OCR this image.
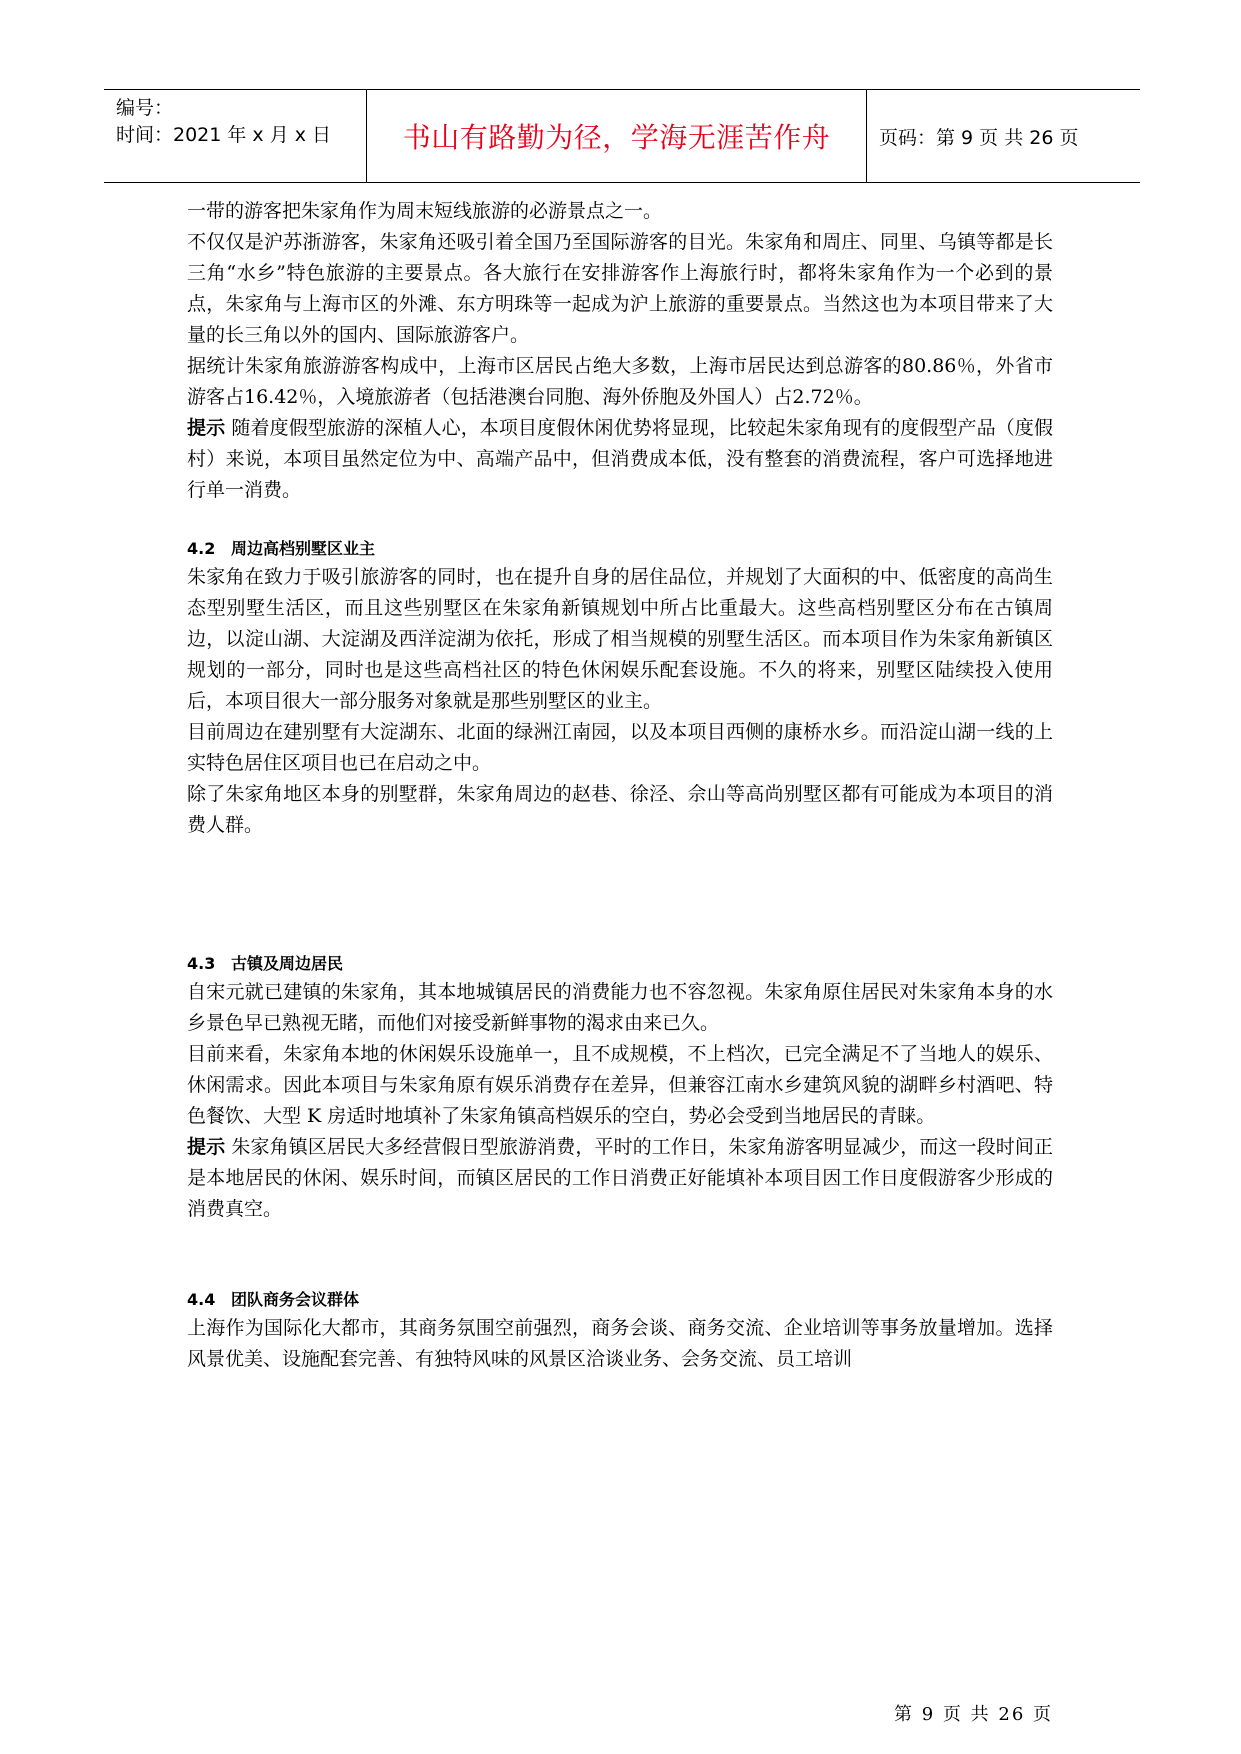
编号：
时间：2021 年 x 月 x 日	书山有路勤为径，学海无涯苦作舟	页码：第 9 页 共 26 页

一带的游客把朱家角作为周末短线旅游的必游景点之一。

不仅仅是沪苏浙游客，朱家角还吸引着全国乃至国际游客的目光。朱家角和周庄、同里、乌镇等都是长三角“水乡”特色旅游的主要景点。各大旅行在安排游客作上海旅行时，都将朱家角作为一个必到的景点，朱家角与上海市区的外滩、东方明珠等一起成为沪上旅游的重要景点。当然这也为本项目带来了大量的长三角以外的国内、国际旅游客户。

据统计朱家角旅游游客构成中，上海市区居民占绝大多数，上海市居民达到总游客的80.86％，外省市游客占16.42％，入境旅游者（包括港澳台同胞、海外侨胞及外国人）占2.72％。

提示 随着度假型旅游的深植人心，本项目度假休闲优势将显现，比较起朱家角现有的度假型产品（度假村）来说，本项目虽然定位为中、高端产品中，但消费成本低，没有整套的消费流程，客户可选择地进行单一消费。

4.2 周边高档别墅区业主

朱家角在致力于吸引旅游客的同时，也在提升自身的居住品位，并规划了大面积的中、低密度的高尚生态型别墅生活区，而且这些别墅区在朱家角新镇规划中所占比重最大。这些高档别墅区分布在古镇周边，以淀山湖、大淀湖及西洋淀湖为依托，形成了相当规模的别墅生活区。而本项目作为朱家角新镇区规划的一部分，同时也是这些高档社区的特色休闲娱乐配套设施。不久的将来，别墅区陆续投入使用后，本项目很大一部分服务对象就是那些别墅区的业主。

目前周边在建别墅有大淀湖东、北面的绿洲江南园，以及本项目西侧的康桥水乡。而沿淀山湖一线的上实特色居住区项目也已在启动之中。

除了朱家角地区本身的别墅群，朱家角周边的赵巷、徐泾、佘山等高尚别墅区都有可能成为本项目的消费人群。

4.3 古镇及周边居民

自宋元就已建镇的朱家角，其本地城镇居民的消费能力也不容忽视。朱家角原住居民对朱家角本身的水乡景色早已熟视无睹，而他们对接受新鲜事物的渴求由来已久。

目前来看，朱家角本地的休闲娱乐设施单一，且不成规模，不上档次，已完全满足不了当地人的娱乐、休闲需求。因此本项目与朱家角原有娱乐消费存在差异，但兼容江南水乡建筑风貌的湖畔乡村酒吧、特色餐饮、大型 K 房适时地填补了朱家角镇高档娱乐的空白，势必会受到当地居民的青睐。

提示 朱家角镇区居民大多经营假日型旅游消费，平时的工作日，朱家角游客明显减少，而这一段时间正是本地居民的休闲、娱乐时间，而镇区居民的工作日消费正好能填补本项目因工作日度假游客少形成的消费真空。

4.4 团队商务会议群体

上海作为国际化大都市，其商务氛围空前强烈，商务会谈、商务交流、企业培训等事务放量增加。选择风景优美、设施配套完善、有独特风味的风景区洽谈业务、会务交流、员工培训

第 9 页 共 26 页
